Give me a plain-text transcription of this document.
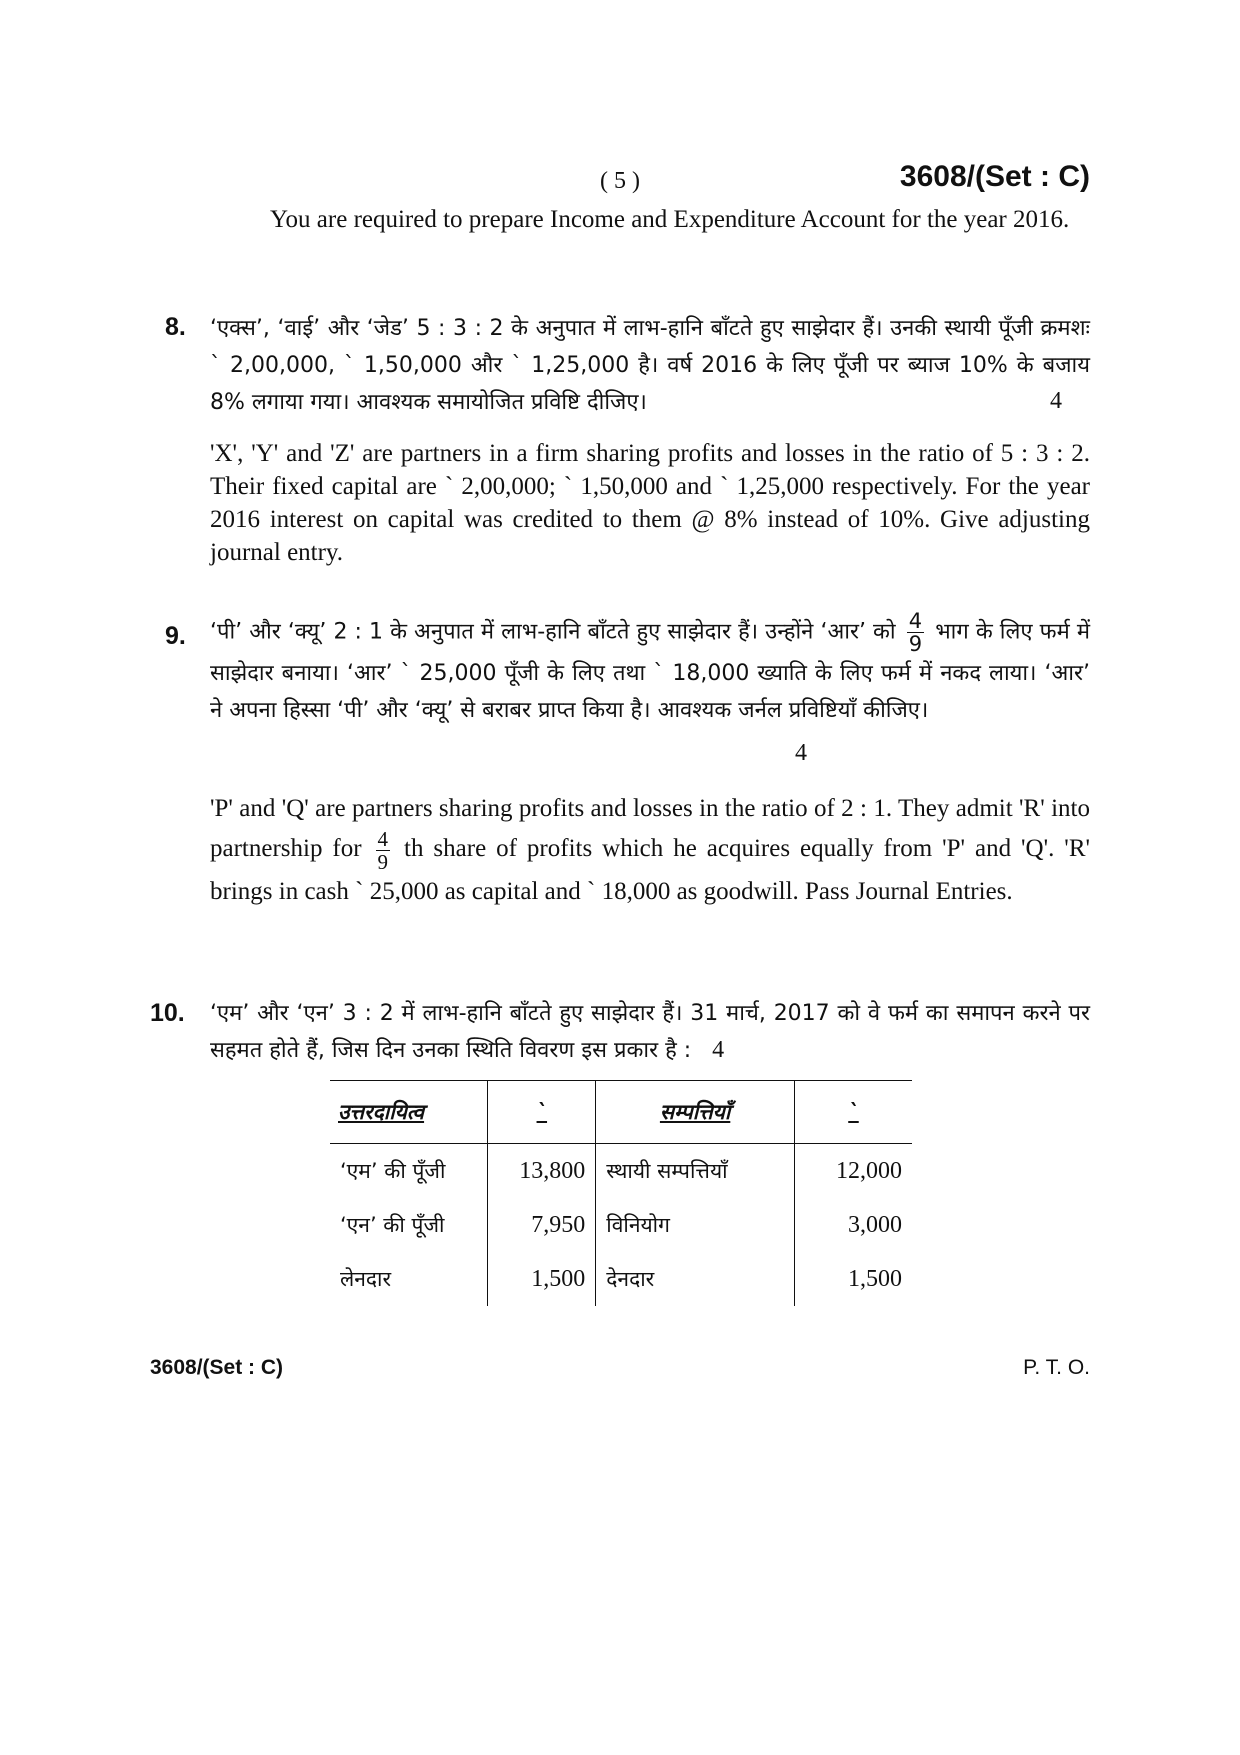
( 5 )	3608/(Set : C)
You are required to prepare Income and Expenditure Account for the year 2016.
8. ‘एक्स’, ‘वाई’ और ‘जेड’ 5 : 3 : 2 के अनुपात में लाभ-हानि बाँटते हुए साझेदार हैं। उनकी स्थायी पूँजी क्रमशः ` 2,00,000, ` 1,50,000 और ` 1,25,000 है। वर्ष 2016 के लिए पूँजी पर ब्याज 10% के बजाय 8% लगाया गया। आवश्यक समायोजित प्रविष्टि दीजिए।	4
'X', 'Y' and 'Z' are partners in a firm sharing profits and losses in the ratio of 5 : 3 : 2. Their fixed capital are ` 2,00,000; ` 1,50,000 and ` 1,25,000 respectively. For the year 2016 interest on capital was credited to them @ 8% instead of 10%. Give adjusting journal entry.
9. ‘पी’ और ‘क्यू’ 2 : 1 के अनुपात में लाभ-हानि बाँटते हुए साझेदार हैं। उन्होंने ‘आर’ को $\frac{4}{9}$ भाग के लिए फर्म में साझेदार बनाया। ‘आर’ ` 25,000 पूँजी के लिए तथा ` 18,000 ख्याति के लिए फर्म में नकद लाया। ‘आर’ ने अपना हिस्सा ‘पी’ और ‘क्यू’ से बराबर प्राप्त किया है। आवश्यक जर्नल प्रविष्टियाँ कीजिए।
4
'P' and 'Q' are partners sharing profits and losses in the ratio of 2 : 1. They admit 'R' into partnership for $\frac{4}{9}$ th share of profits which he acquires equally from 'P' and 'Q'. 'R' brings in cash ` 25,000 as capital and ` 18,000 as goodwill. Pass Journal Entries.
10. ‘एम’ और ‘एन’ 3 : 2 में लाभ-हानि बाँटते हुए साझेदार हैं। 31 मार्च, 2017 को वे फर्म का समापन करने पर सहमत होते हैं, जिस दिन उनका स्थिति विवरण इस प्रकार है : 4
उत्तरदायित्व	`	सम्पत्तियाँ	`
‘एम’ की पूँजी	13,800	स्थायी सम्पत्तियाँ	12,000
‘एन’ की पूँजी	7,950	विनियोग	3,000
लेनदार	1,500	देनदार	1,500
3608/(Set : C)	P. T. O.
